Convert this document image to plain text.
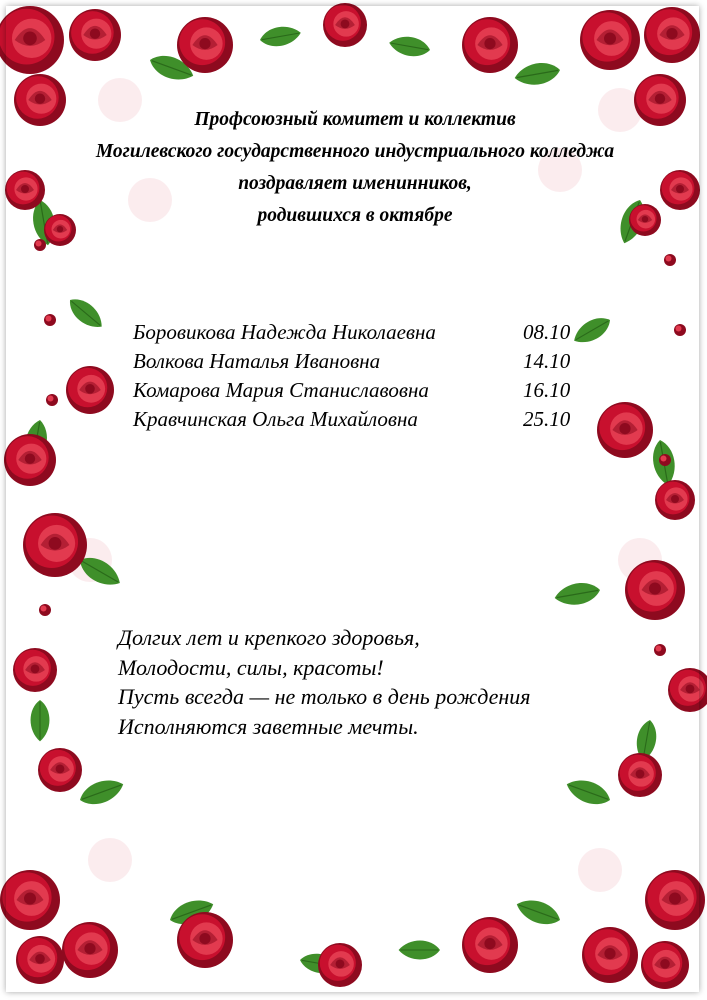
Профсоюзный комитет и коллектив
Могилевского государственного индустриального колледжа
поздравляет именинников,
родившихся в октябре
Боровикова Надежда Николаевна	08.10
Волкова Наталья Ивановна	14.10
Комарова Мария Станиславовна	16.10
Кравчинская Ольга Михайловна	25.10
Долгих лет и крепкого здоровья,
Молодости, силы, красоты!
Пусть всегда — не только в день рождения
Исполняются заветные мечты.
